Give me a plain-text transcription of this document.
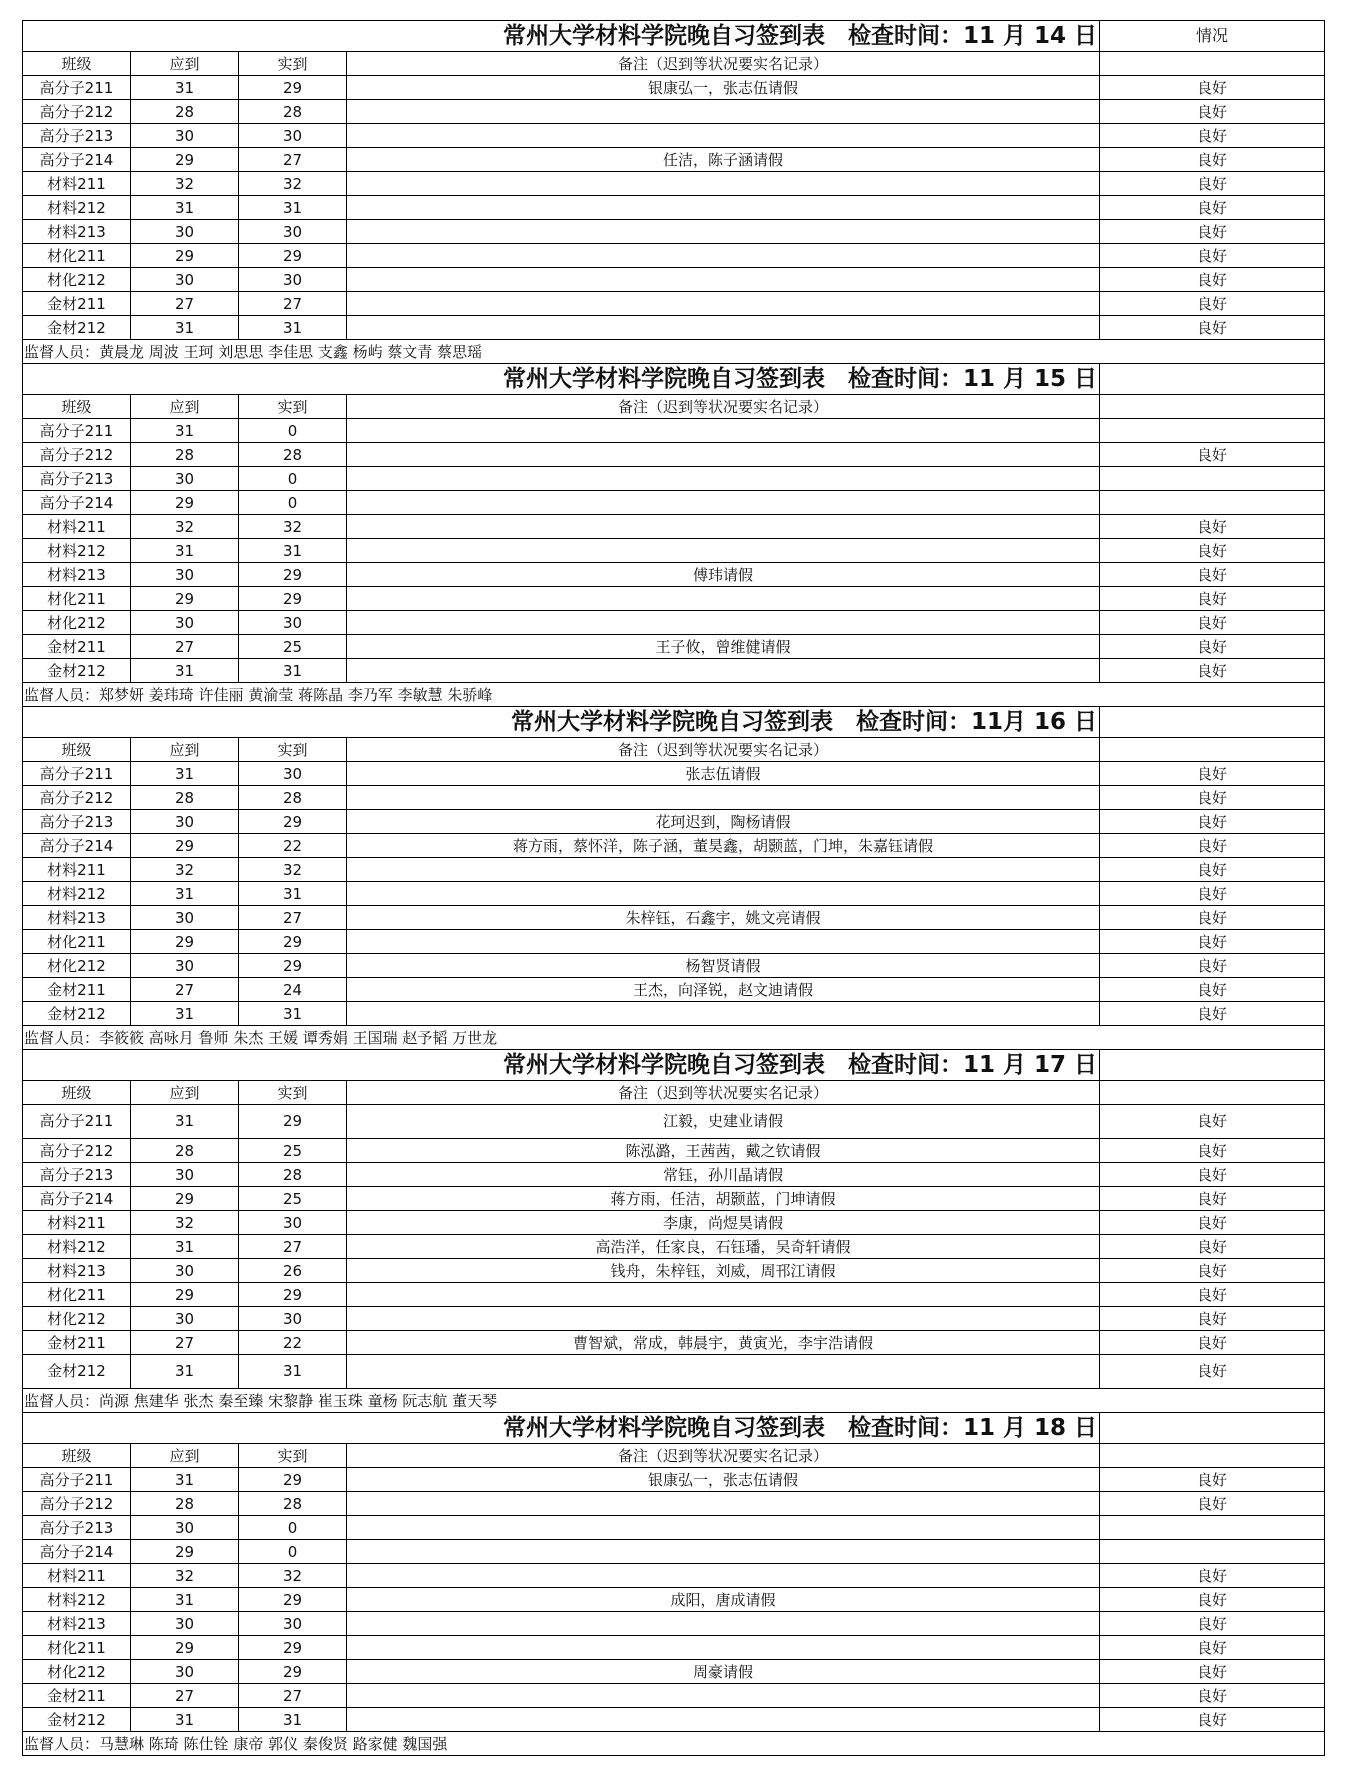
常州大学材料学院晚自习签到表　检查时间：11 月 14 日				情况
班级	应到	实到	备注（迟到等状况要实名记录）	
高分子211	31	29	银康弘一，张志伍请假	良好
高分子212	28	28		良好
高分子213	30	30		良好
高分子214	29	27	任洁，陈子涵请假	良好
材料211	32	32		良好
材料212	31	31		良好
材料213	30	30		良好
材化211	29	29		良好
材化212	30	30		良好
金材211	27	27		良好
金材212	31	31		良好
监督人员：黄晨龙 周波 王珂 刘思思 李佳思 支鑫 杨屿 蔡文青 蔡思瑶				
常州大学材料学院晚自习签到表　检查时间：11 月 15 日				
班级	应到	实到	备注（迟到等状况要实名记录）	
高分子211	31	0		
高分子212	28	28		良好
高分子213	30	0		
高分子214	29	0		
材料211	32	32		良好
材料212	31	31		良好
材料213	30	29	傅玮请假	良好
材化211	29	29		良好
材化212	30	30		良好
金材211	27	25	王子攸，曾维健请假	良好
金材212	31	31		良好
监督人员：郑梦妍 姜玮琦 许佳丽 黄渝莹 蒋陈晶 李乃军 李敏慧 朱骄峰				
常州大学材料学院晚自习签到表　检查时间：11月 16 日				
班级	应到	实到	备注（迟到等状况要实名记录）	
高分子211	31	30	张志伍请假	良好
高分子212	28	28		良好
高分子213	30	29	花珂迟到，陶杨请假	良好
高分子214	29	22	蒋方雨，蔡怀洋，陈子涵，董昊鑫，胡颢蓝，门坤，朱嘉钰请假	良好
材料211	32	32		良好
材料212	31	31		良好
材料213	30	27	朱梓钰，石鑫宇，姚文亮请假	良好
材化211	29	29		良好
材化212	30	29	杨智贤请假	良好
金材211	27	24	王杰，向泽锐，赵文迪请假	良好
金材212	31	31		良好
监督人员：李筱筱 高咏月 鲁师 朱杰 王媛 谭秀娟 王国瑞 赵予韬 万世龙				
常州大学材料学院晚自习签到表　检查时间：11 月 17 日				
班级	应到	实到	备注（迟到等状况要实名记录）	
高分子211	31	29	江毅，史建业请假	良好
高分子212	28	25	陈泓潞，王茜茜，戴之钦请假	良好
高分子213	30	28	常钰，孙川晶请假	良好
高分子214	29	25	蒋方雨，任洁，胡颢蓝，门坤请假	良好
材料211	32	30	李康，尚煜昊请假	良好
材料212	31	27	高浩洋，任家良，石钰璠，吴奇轩请假	良好
材料213	30	26	钱舟，朱梓钰，刘威，周邗江请假	良好
材化211	29	29		良好
材化212	30	30		良好
金材211	27	22	曹智斌，常成，韩晨宇，黄寅光，李宇浩请假	良好
金材212	31	31		良好
监督人员：尚源 焦建华 张杰 秦至臻 宋黎静 崔玉珠 童杨 阮志航 董天琴				
常州大学材料学院晚自习签到表　检查时间：11 月 18 日				
班级	应到	实到	备注（迟到等状况要实名记录）	
高分子211	31	29	银康弘一，张志伍请假	良好
高分子212	28	28		良好
高分子213	30	0		
高分子214	29	0		
材料211	32	32		良好
材料212	31	29	成阳，唐成请假	良好
材料213	30	30		良好
材化211	29	29		良好
材化212	30	29	周豪请假	良好
金材211	27	27		良好
金材212	31	31		良好
监督人员：马慧琳 陈琦 陈仕铨 康帝 郭仪 秦俊贤 路家健 魏国强				
